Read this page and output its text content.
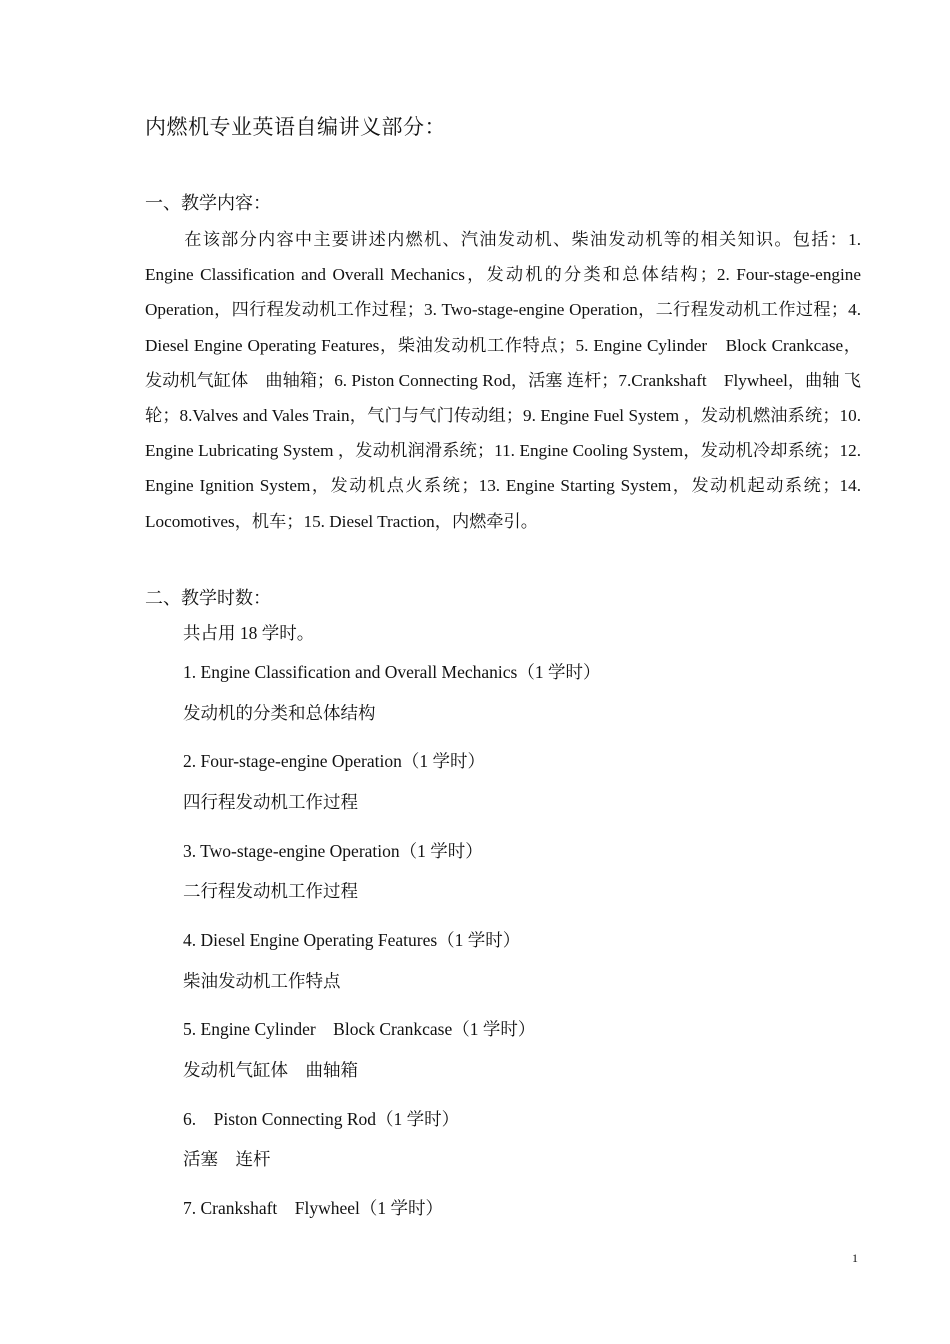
内燃机专业英语自编讲义部分：
一、教学内容：
在该部分内容中主要讲述内燃机、汽油发动机、柴油发动机等的相关知识。包括：1. Engine Classification and Overall Mechanics，发动机的分类和总体结构；2. Four-stage-engine Operation，四行程发动机工作过程；3. Two-stage-engine Operation，二行程发动机工作过程；4. Diesel Engine Operating Features，柴油发动机工作特点；5. Engine Cylinder　Block Crankcase，发动机气缸体　曲轴箱；6. Piston Connecting Rod，活塞 连杆；7.Crankshaft　Flywheel，曲轴 飞轮；8.Valves and Vales Train，气门与气门传动组；9. Engine Fuel System ，发动机燃油系统；10. Engine Lubricating System ，发动机润滑系统；11. Engine Cooling System，发动机冷却系统；12. Engine Ignition System，发动机点火系统；13. Engine Starting System，发动机起动系统；14. Locomotives，机车；15. Diesel Traction，内燃牵引。
二、教学时数：
共占用 18 学时。
1. Engine Classification and Overall Mechanics（1 学时）
发动机的分类和总体结构
2. Four-stage-engine Operation（1 学时）
四行程发动机工作过程
3. Two-stage-engine Operation（1 学时）
二行程发动机工作过程
4. Diesel Engine Operating Features（1 学时）
柴油发动机工作特点
5. Engine Cylinder    Block Crankcase（1 学时）
发动机气缸体    曲轴箱
6.    Piston Connecting Rod（1 学时）
活塞    连杆
7. Crankshaft    Flywheel（1 学时）
1
